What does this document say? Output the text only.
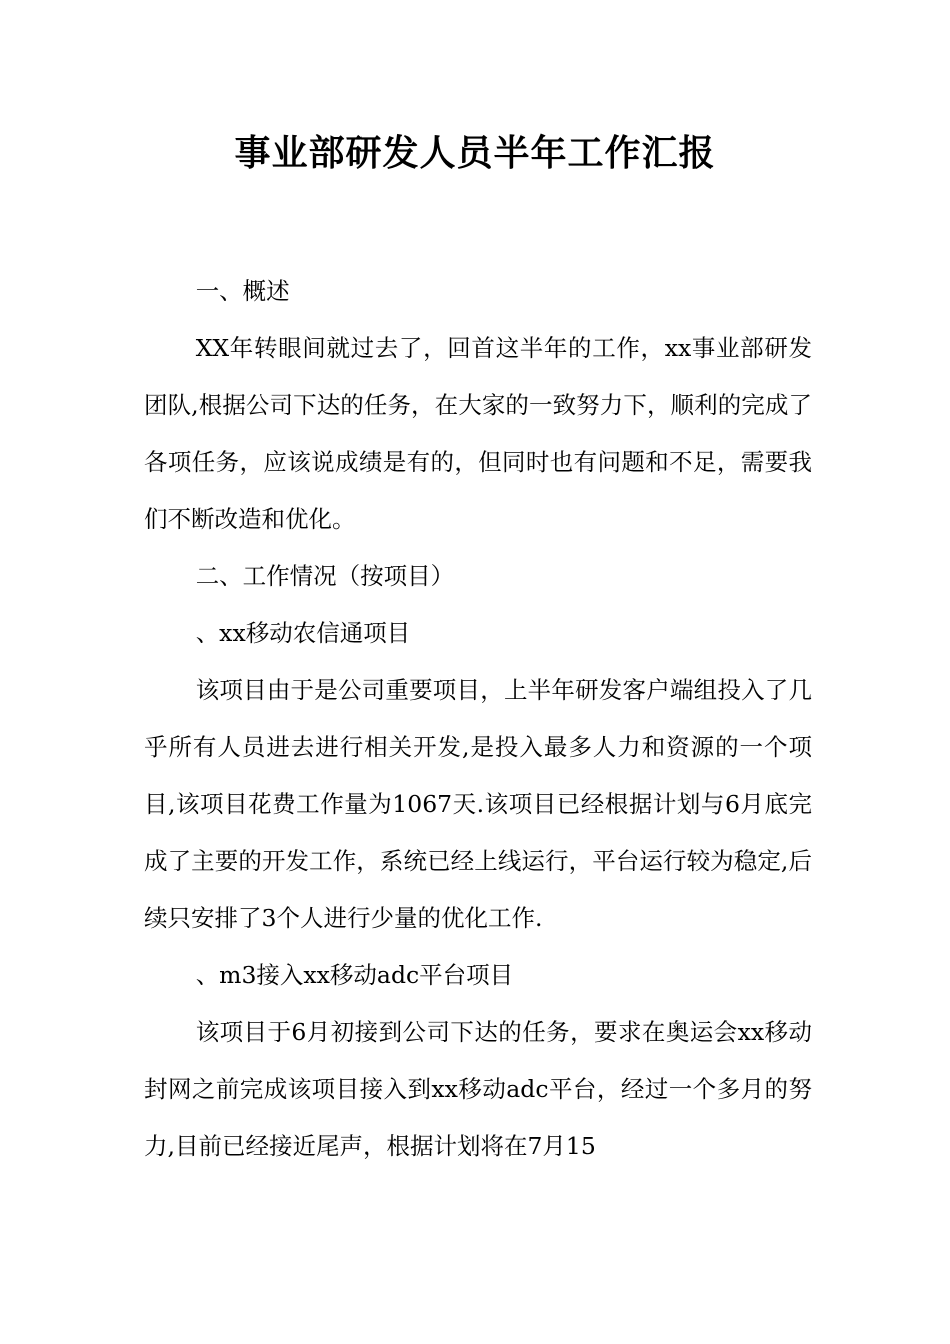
事业部研发人员半年工作汇报

一、概述

XX年转眼间就过去了，回首这半年的工作，xx事业部研发团队,根据公司下达的任务，在大家的一致努力下，顺利的完成了各项任务，应该说成绩是有的，但同时也有问题和不足，需要我们不断改造和优化。

二、工作情况（按项目）

、xx移动农信通项目

该项目由于是公司重要项目，上半年研发客户端组投入了几乎所有人员进去进行相关开发,是投入最多人力和资源的一个项目,该项目花费工作量为1067天.该项目已经根据计划与6月底完成了主要的开发工作，系统已经上线运行，平台运行较为稳定,后续只安排了3个人进行少量的优化工作.

、m3接入xx移动adc平台项目

该项目于6月初接到公司下达的任务，要求在奥运会xx移动封网之前完成该项目接入到xx移动adc平台，经过一个多月的努力,目前已经接近尾声，根据计划将在7月15
